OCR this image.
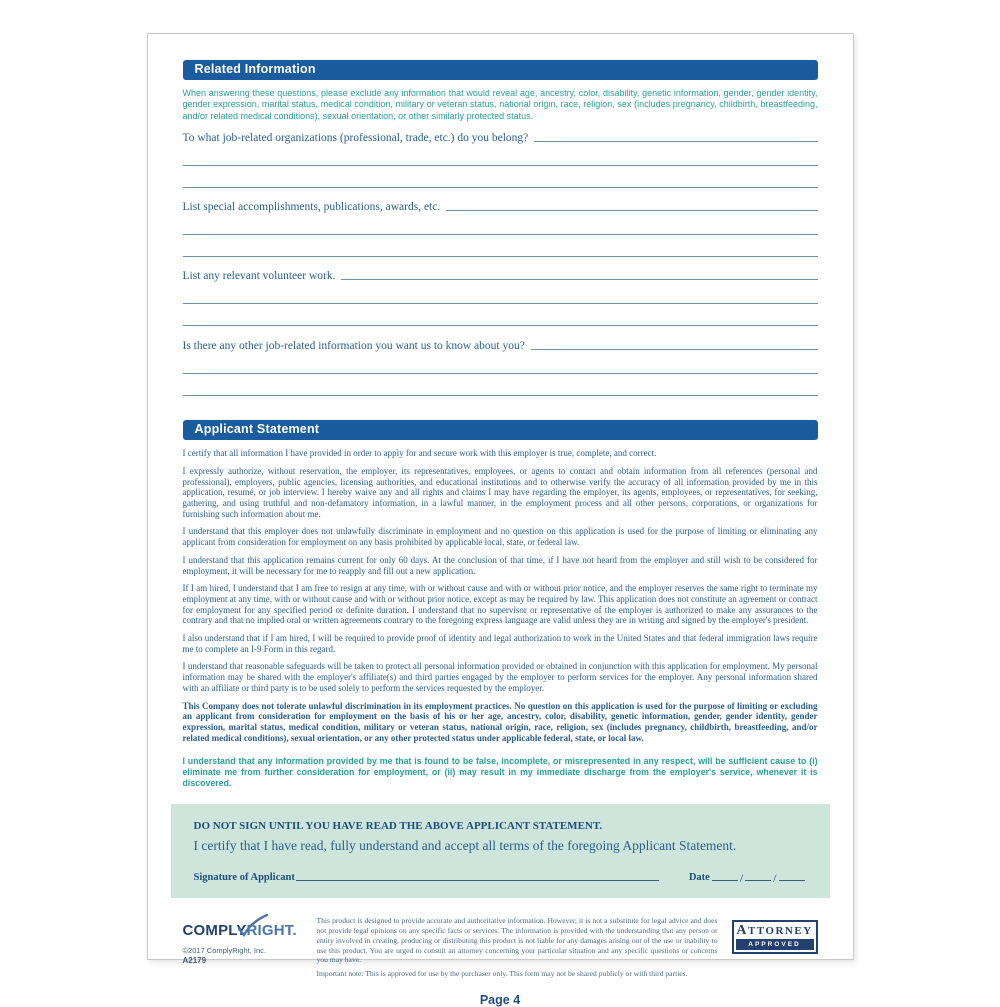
Related Information

When answering these questions, please exclude any information that would reveal age, ancestry, color, disability, genetic information, gender, gender identity, gender expression, marital status, medical condition, military or veteran status, national origin, race, religion, sex (includes pregnancy, childbirth, breastfeeding, and/or related medical conditions), sexual orientation, or other similarly protected status.

To what job-related organizations (professional, trade, etc.) do you belong?
List special accomplishments, publications, awards, etc.
List any relevant volunteer work.
Is there any other job-related information you want us to know about you?
Applicant Statement

I certify that all information I have provided in order to apply for and secure work with this employer is true, complete, and correct.

I expressly authorize, without reservation, the employer, its representatives, employees, or agents to contact and obtain information from all references (personal and professional), employers, public agencies, licensing authorities, and educational institutions and to otherwise verify the accuracy of all information provided by me in this application, resumé, or job interview. I hereby waive any and all rights and claims I may have regarding the employer, its agents, employees, or representatives, for seeking, gathering, and using truthful and non-defamatory information, in a lawful manner, in the employment process and all other persons, corporations, or organizations for furnishing such information about me.

I understand that this employer does not unlawfully discriminate in employment and no question on this application is used for the purpose of limiting or eliminating any applicant from consideration for employment on any basis prohibited by applicable local, state, or federal law.

I understand that this application remains current for only 60 days. At the conclusion of that time, if I have not heard from the employer and still wish to be considered for employment, it will be necessary for me to reapply and fill out a new application.

If I am hired, I understand that I am free to resign at any time, with or without cause and with or without prior notice, and the employer reserves the same right to terminate my employment at any time, with or without cause and with or without prior notice, except as may be required by law. This application does not constitute an agreement or contract for employment for any specified period or definite duration. I understand that no supervisor or representative of the employer is authorized to make any assurances to the contrary and that no implied oral or written agreements contrary to the foregoing express language are valid unless they are in writing and signed by the employer's president.

I also understand that if I am hired, I will be required to provide proof of identity and legal authorization to work in the United States and that federal immigration laws require me to complete an I-9 Form in this regard.

I understand that reasonable safeguards will be taken to protect all personal information provided or obtained in conjunction with this application for employment. My personal information may be shared with the employer's affiliate(s) and third parties engaged by the employer to perform services for the employer. Any personal information shared with an affiliate or third party is to be used solely to perform the services requested by the employer.

This Company does not tolerate unlawful discrimination in its employment practices. No question on this application is used for the purpose of limiting or excluding an applicant from consideration for employment on the basis of his or her age, ancestry, color, disability, genetic information, gender, gender identity, gender expression, marital status, medical condition, military or veteran status, national origin, race, religion, sex (includes pregnancy, childbirth, breastfeeding, and/or related medical conditions), sexual orientation, or any other protected status under applicable federal, state, or local law.

I understand that any information provided by me that is found to be false, incomplete, or misrepresented in any respect, will be sufficient cause to (i) eliminate me from further consideration for employment, or (ii) may result in my immediate discharge from the employer's service, whenever it is discovered.

DO NOT SIGN UNTIL YOU HAVE READ THE ABOVE APPLICANT STATEMENT.
I certify that I have read, fully understand and accept all terms of the foregoing Applicant Statement.
Signature of Applicant	Date	/	/
COMPLYRIGHT.
©2017 ComplyRight, Inc.
A2179
This product is designed to provide accurate and authoritative information. However, it is not a substitute for legal advice and does not provide legal opinions on any specific facts or services. The information is provided with the understanding that any person or entity involved in creating, producing or distributing this product is not liable for any damages arising out of the use or inability to use this product. You are urged to consult an attorney concerning your particular situation and any specific questions or concerns you may have.
Important note: This is approved for use by the purchaser only. This form may not be shared publicly or with third parties.
ATTORNEY
APPROVED
Page 4
